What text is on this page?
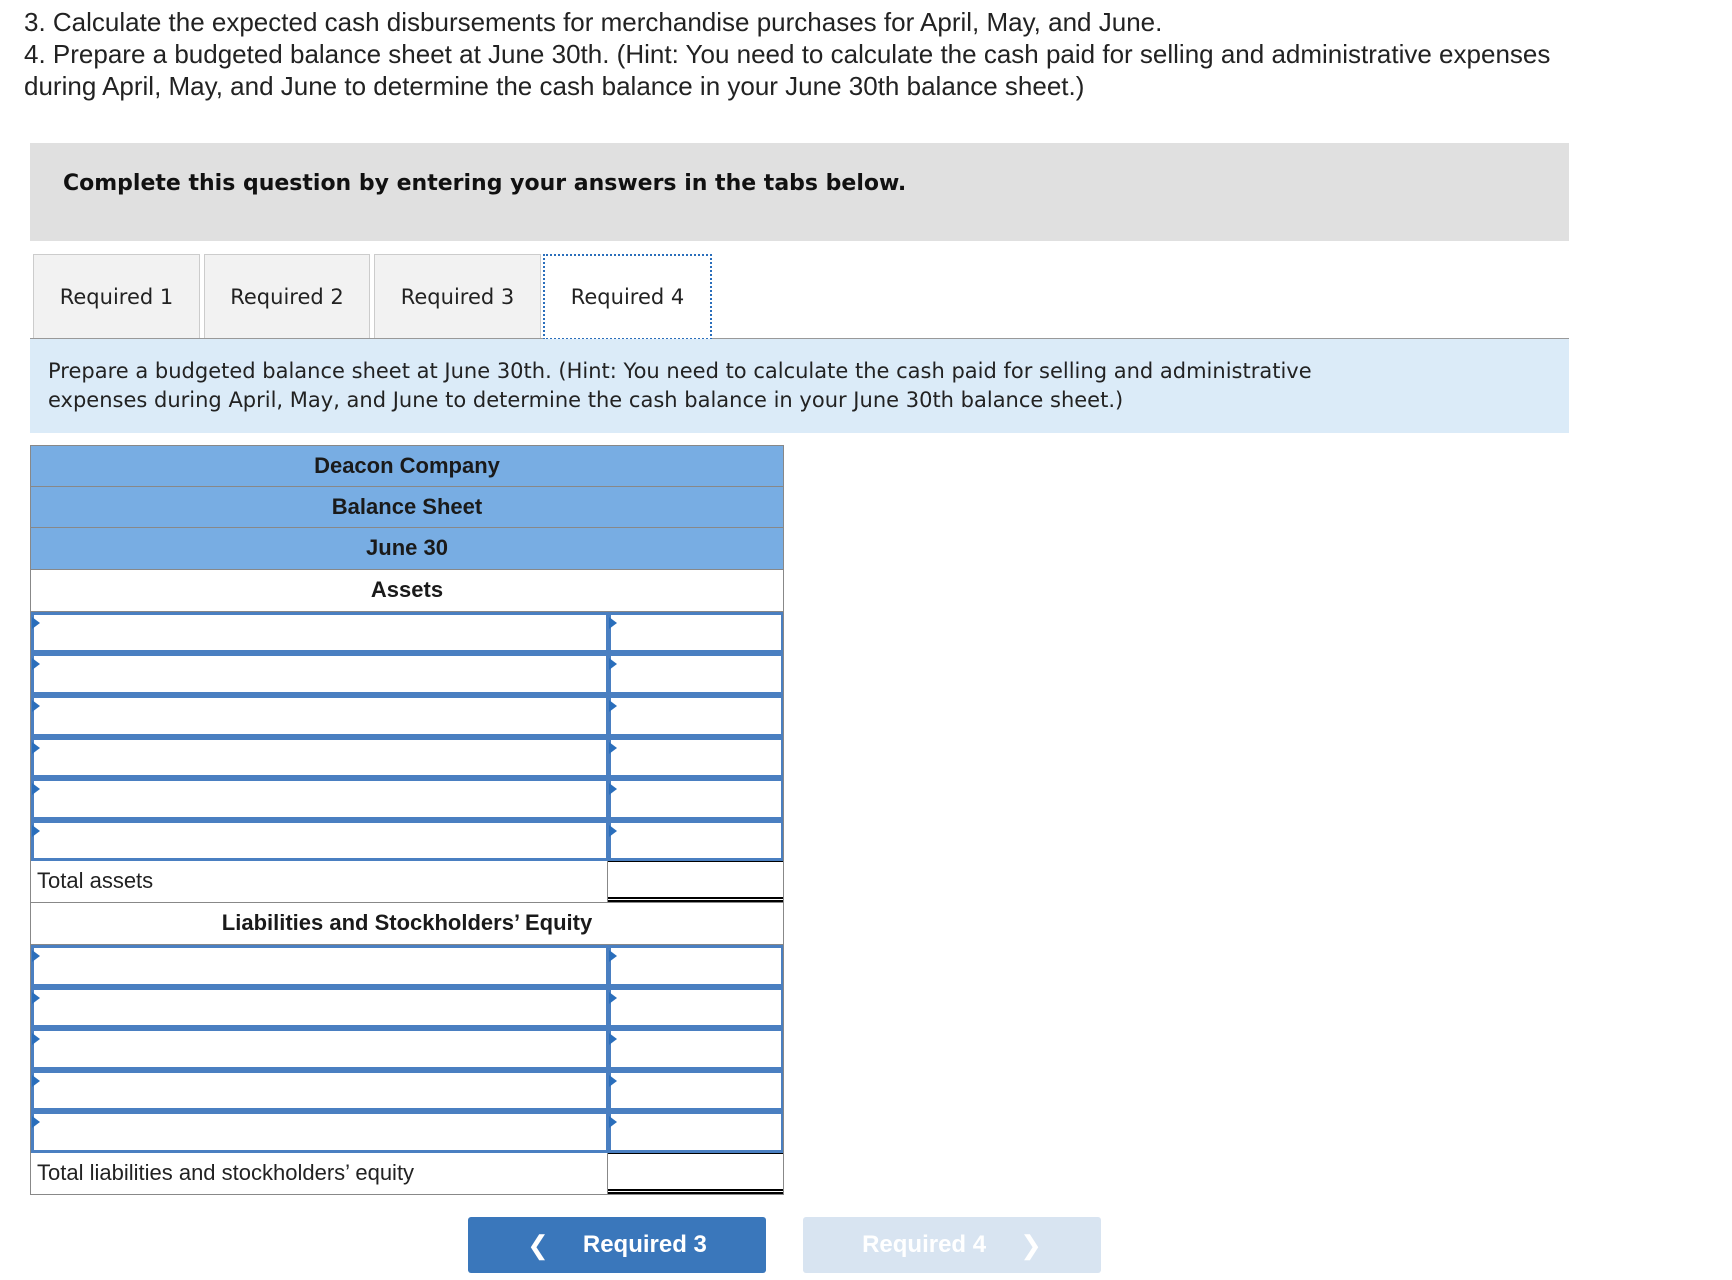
3. Calculate the expected cash disbursements for merchandise purchases for April, May, and June.
4. Prepare a budgeted balance sheet at June 30th. (Hint: You need to calculate the cash paid for selling and administrative expenses
during April, May, and June to determine the cash balance in your June 30th balance sheet.)
Complete this question by entering your answers in the tabs below.
Required 1	Required 2	Required 3	Required 4
Prepare a budgeted balance sheet at June 30th. (Hint: You need to calculate the cash paid for selling and administrative
expenses during April, May, and June to determine the cash balance in your June 30th balance sheet.)
Deacon Company
Balance Sheet
June 30
Assets
Total assets
Liabilities and Stockholders’ Equity
Total liabilities and stockholders’ equity
❮ Required 3	Required 4 ❯
